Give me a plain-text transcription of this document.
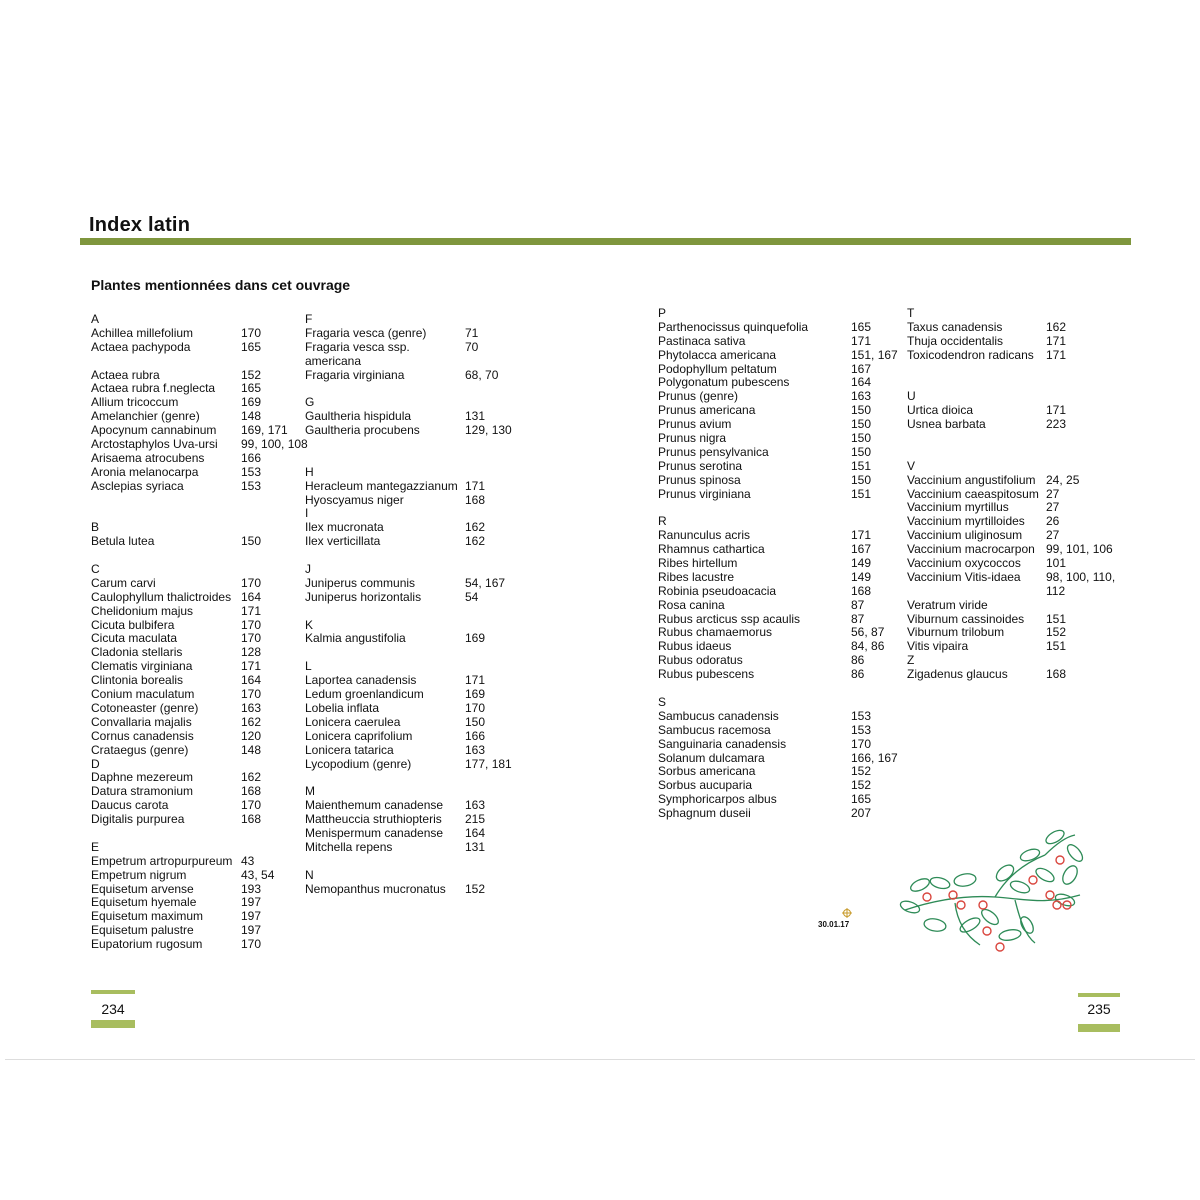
Index latin
Plantes mentionnées dans cet ouvrage
A
Achillea millefolium	170
Actaea pachypoda	165
Actaea rubra	152
Actaea rubra f.neglecta 165
Allium tricoccum	169
Amelanchier (genre)	148
Apocynum cannabinum 169, 171
Arctostaphylos Uva-ursi 99, 100, 108
Arisaema atrocubens	166
Aronia melanocarpa	153
Asclepias syriaca	153
B
Betula lutea	150
C
Carum carvi	170
Caulophyllum thalictroides 164
Chelidonium majus	171
Cicuta bulbifera	170
Cicuta maculata	170
Cladonia stellaris	128
Clematis virginiana	171
Clintonia borealis	164
Conium maculatum	170
Cotoneaster (genre)	163
Convallaria majalis	162
Cornus canadensis	120
Crataegus (genre)	148
D
Daphne mezereum	162
Datura stramonium	168
Daucus carota	170
Digitalis purpurea	168
E
Empetrum artropurpureum 43
Empetrum nigrum	43, 54
Equisetum arvense	193
Equisetum hyemale	197
Equisetum maximum	197
Equisetum palustre	197
Eupatorium rugosum	170
F
Fragaria vesca (genre)	71
Fragaria vesca ssp.	70
americana
Fragaria virginiana	68, 70
G
Gaultheria hispidula	131
Gaultheria procubens	129, 130
H
Heracleum mantegazzianum 171
Hyoscyamus niger	168
I
Ilex mucronata	162
Ilex verticillata	162
J
Juniperus communis	54, 167
Juniperus horizontalis	54
K
Kalmia angustifolia	169
L
Laportea canadensis	171
Ledum groenlandicum	169
Lobelia inflata	170
Lonicera caerulea	150
Lonicera caprifolium	166
Lonicera tatarica	163
Lycopodium (genre)	177, 181
M
Maienthemum canadense 163
Mattheuccia struthiopteris 215
Menispermum canadense 164
Mitchella repens	131
N
Nemopanthus mucronatus 152
P
Parthenocissus quinquefolia	165
Pastinaca sativa	171
Phytolacca americana	151, 167
Podophyllum peltatum	167
Polygonatum pubescens	164
Prunus (genre)	163
Prunus americana	150
Prunus avium	150
Prunus nigra	150
Prunus pensylvanica	150
Prunus serotina	151
Prunus spinosa	150
Prunus virginiana	151
R
Ranunculus acris	171
Rhamnus cathartica	167
Ribes hirtellum	149
Ribes lacustre	149
Robinia pseudoacacia	168
Rosa canina	87
Rubus arcticus ssp acaulis	87
Rubus chamaemorus	56, 87
Rubus idaeus	84, 86
Rubus odoratus	86
Rubus pubescens	86
S
Sambucus canadensis	153
Sambucus racemosa	153
Sanguinaria canadensis	170
Solanum dulcamara	166, 167
Sorbus americana	152
Sorbus aucuparia	152
Symphoricarpos albus	165
Sphagnum duseii	207
T
Taxus canadensis	162
Thuja occidentalis	171
Toxicodendron radicans 171
U
Urtica dioica	171
Usnea barbata	223
V
Vaccinium angustifolium 24, 25
Vaccinium caeaspitosum 27
Vaccinium myrtillus	27
Vaccinium myrtilloides 26
Vaccinium uliginosum 27
Vaccinium macrocarpon 99, 101, 106
Vaccinium oxycoccos 101
Vaccinium Vitis-idaea 98, 100, 110,
112
Veratrum viride
Viburnum cassinoides 151
Viburnum trilobum	152
Vitis vipaira	151
Z
Zigadenus glaucus	168
30.01.17
234	235
